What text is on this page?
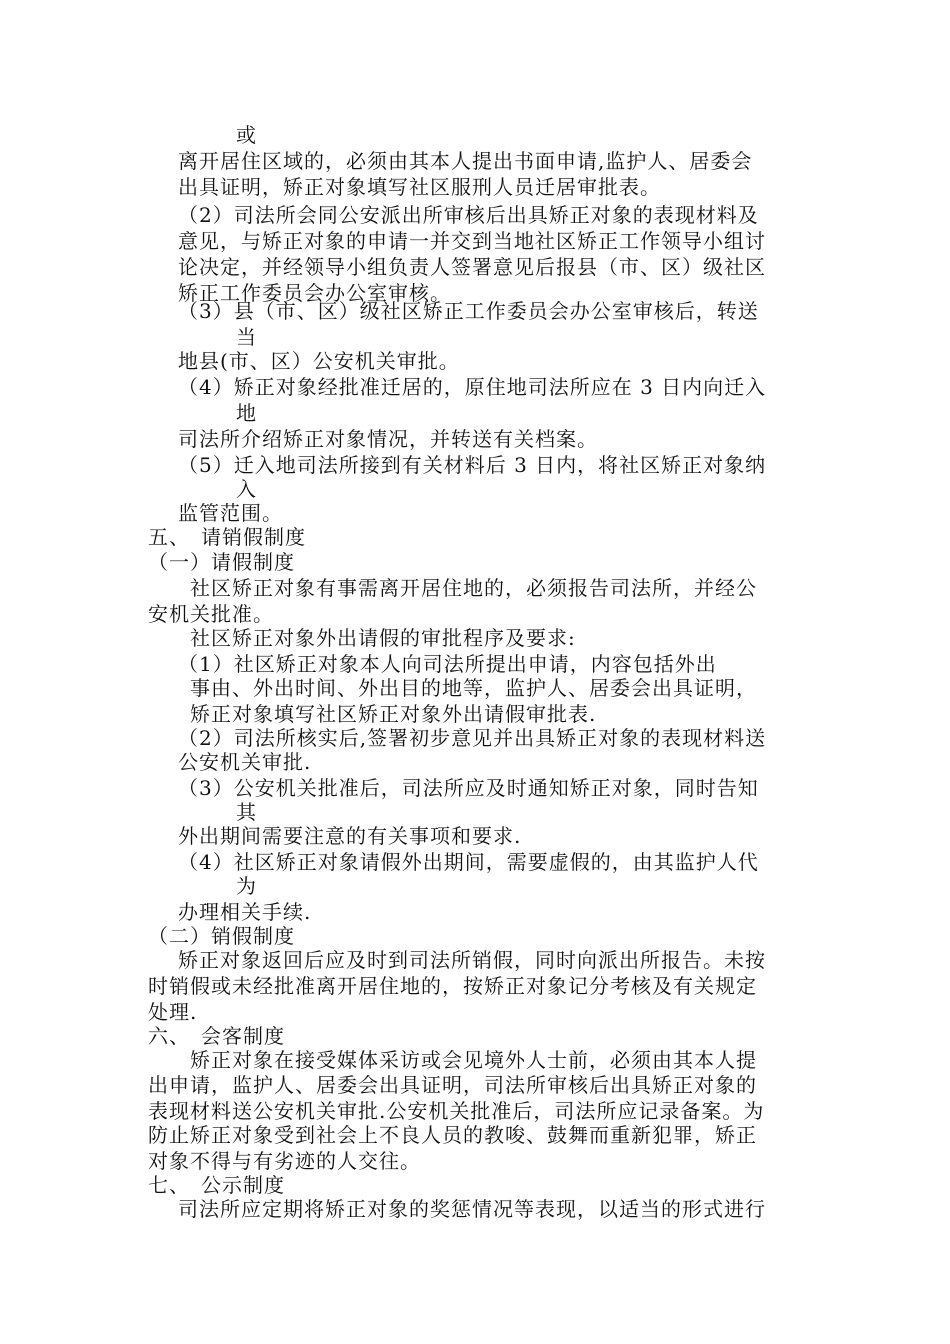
或
离开居住区域的，必须由其本人提出书面申请,监护人、居委会
出具证明，矫正对象填写社区服刑人员迁居审批表。
（2）司法所会同公安派出所审核后出具矫正对象的表现材料及
意见，与矫正对象的申请一并交到当地社区矫正工作领导小组讨
论决定，并经领导小组负责人签署意见后报县（市、区）级社区
矫正工作委员会办公室审核。
（3）县（市、区）级社区矫正工作委员会办公室审核后，转送
当
地县(市、区）公安机关审批。
（4）矫正对象经批准迁居的，原住地司法所应在 3 日内向迁入
地
司法所介绍矫正对象情况，并转送有关档案。
（5）迁入地司法所接到有关材料后 3 日内，将社区矫正对象纳
入
监管范围。
五、　请销假制度
（一）请假制度
社区矫正对象有事需离开居住地的，必须报告司法所，并经公
安机关批准。
社区矫正对象外出请假的审批程序及要求:
（1）社区矫正对象本人向司法所提出申请，内容包括外出
事由、外出时间、外出目的地等，监护人、居委会出具证明，
矫正对象填写社区矫正对象外出请假审批表.
（2）司法所核实后,签署初步意见并出具矫正对象的表现材料送
公安机关审批.
（3）公安机关批准后，司法所应及时通知矫正对象，同时告知
其
外出期间需要注意的有关事项和要求.
（4）社区矫正对象请假外出期间，需要虚假的，由其监护人代
为
办理相关手续.
（二）销假制度
矫正对象返回后应及时到司法所销假，同时向派出所报告。未按
时销假或未经批准离开居住地的，按矫正对象记分考核及有关规定
处理.
六、　会客制度
矫正对象在接受媒体采访或会见境外人士前，必须由其本人提
出申请，监护人、居委会出具证明，司法所审核后出具矫正对象的
表现材料送公安机关审批.公安机关批准后，司法所应记录备案。为
防止矫正对象受到社会上不良人员的教唆、鼓舞而重新犯罪，矫正
对象不得与有劣迹的人交往。
七、　公示制度
司法所应定期将矫正对象的奖惩情况等表现，以适当的形式进行
